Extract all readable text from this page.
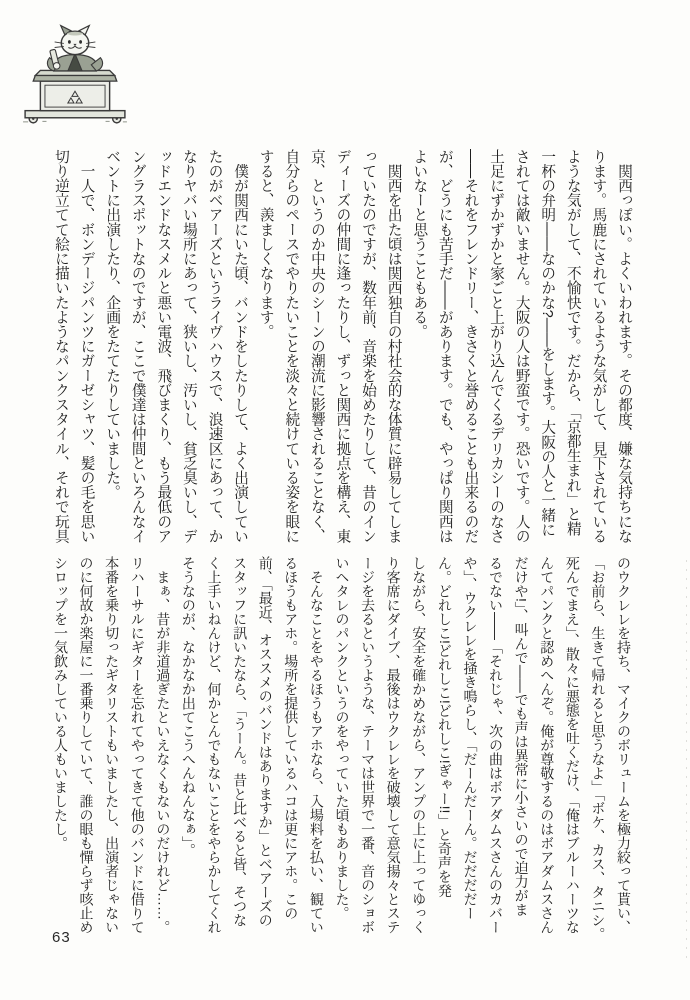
　関西っぽい。よくいわれます。その都度、嫌な気持ちにな

ります。馬鹿にされているような気がして、見下されている

ような気がして、不愉快です。だから、「京都生まれ」と精

一杯の弁明――なのかな?――をします。大阪の人と一緒に

されては敵いません。大阪の人は野蛮です。恐いです。人の

土足にずかずかと家ごと上がり込んでくるデリカシーのなさ

――それをフレンドリー、きさくと誉めることも出来るのだ

が、どうにも苦手だ――があります。でも、やっぱり関西は

よいなーと思うこともある。

　関西を出た頃は関西独自の村社会的な体質に辟易してしま

っていたのですが、数年前、音楽を始めたりして、昔のイン

ディーズの仲間に逢ったりし、ずっと関西に拠点を構え、東

京、というのか中央のシーンの潮流に影響されることなく、

自分らのペースでやりたいことを淡々と続けている姿を眼に

すると、羨ましくなります。

　僕が関西にいた頃、バンドをしたりして、よく出演してい

たのがベアーズというライヴハウスで、浪速区にあって、か

なりヤバい場所にあって、狭いし、汚いし、貧乏臭いし、デ

ッドエンドなスメルと悪い電波、飛びまくり、もう最低のア

ングラスポットなのですが、ここで僕達は仲間といろんなイ

ベントに出演したり、企画をたてたりしていました。

　一人で、ボンデージパンツにガーゼシャツ、髪の毛を思い

切り逆立てて絵に描いたようなパンクスタイル、それで玩具

のウクレレを持ち、マイクのボリュームを極力絞って貰い、

「お前ら、生きて帰れると思うなよ」「ボケ、カス、タニシ。

死んでまえ」、散々に悪態を吐くだけ、「俺はブルーハーツな

んてパンクと認めへんぞ。俺が尊敬するのはボアダムスさん

だけや!」、叫んで――でも声は異常に小さいので迫力がま

るでない――「それじゃ、次の曲はボアダムスさんのカバー

や」、ウクレレを掻き鳴らし、「だーんだーん。だだだだー

ん。どれしこ!どれしこ!どれしこ!ぎゃー!!」と奇声を発

しながら、安全を確かめながら、アンプの上に上ってゆっく

り客席にダイブ、最後はウクレレを破壊して意気揚々とステ

ージを去るというような、テーマは世界で一番、音のショボ

いヘタレのパンクというのをやっていた頃もありました。

　そんなことをやるほうもアホなら、入場料を払い、観てい

るほうもアホ。場所を提供しているハコは更にアホ。この

前、「最近、オススメのバンドはありますか」とベアーズの

スタッフに訊いたなら、「うーん。昔と比べると皆、そつな

く上手いねんけど、何かとんでもないことをやらかしてくれ

そうなのが、なかなか出てこうへんねんなぁ」。

　まぁ、昔が非道過ぎたといえなくもないのだけれど……。

リハーサルにギターを忘れてやってきて他のバンドに借りて

本番を乗り切ったギタリストもいましたし、出演者じゃない

のに何故か楽屋に一番乗りしていて、誰の眼も憚らず咳止め

シロップを一気飲みしている人もいましたし。

63
